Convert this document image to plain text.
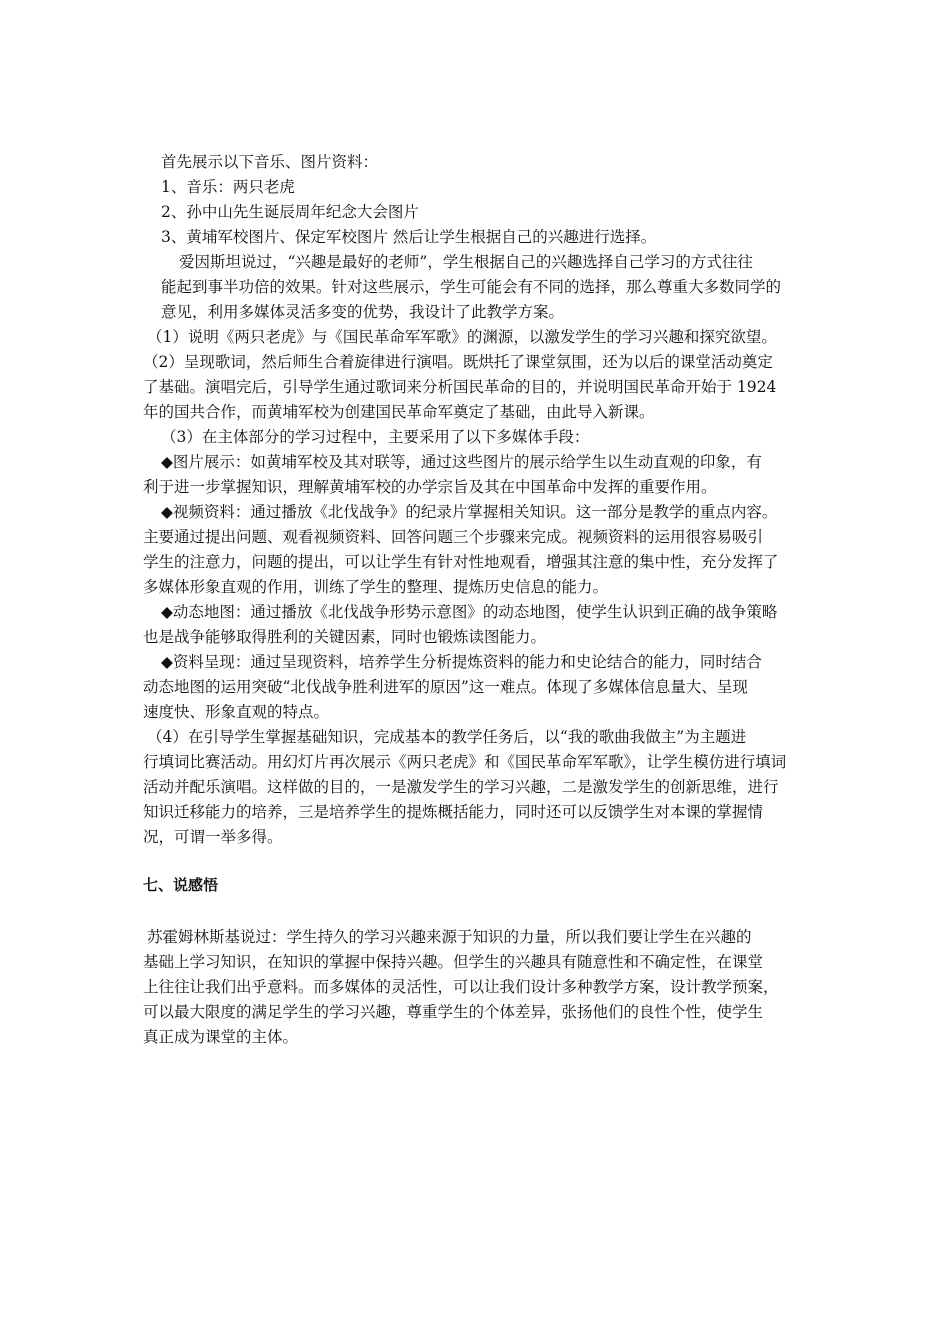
首先展示以下音乐、图片资料：
1、音乐：两只老虎
2、孙中山先生诞辰周年纪念大会图片
3、黄埔军校图片、保定军校图片 然后让学生根据自己的兴趣进行选择。
爱因斯坦说过，“兴趣是最好的老师”，学生根据自己的兴趣选择自己学习的方式往往
能起到事半功倍的效果。针对这些展示，学生可能会有不同的选择，那么尊重大多数同学的
意见，利用多媒体灵活多变的优势，我设计了此教学方案。
（1）说明《两只老虎》与《国民革命军军歌》的渊源，以激发学生的学习兴趣和探究欲望。
（2）呈现歌词，然后师生合着旋律进行演唱。既烘托了课堂氛围，还为以后的课堂活动奠定
了基础。演唱完后，引导学生通过歌词来分析国民革命的目的，并说明国民革命开始于 1924
年的国共合作，而黄埔军校为创建国民革命军奠定了基础，由此导入新课。
（3）在主体部分的学习过程中，主要采用了以下多媒体手段：
◆图片展示：如黄埔军校及其对联等，通过这些图片的展示给学生以生动直观的印象，有
利于进一步掌握知识，理解黄埔军校的办学宗旨及其在中国革命中发挥的重要作用。
◆视频资料：通过播放《北伐战争》的纪录片掌握相关知识。这一部分是教学的重点内容。
主要通过提出问题、观看视频资料、回答问题三个步骤来完成。视频资料的运用很容易吸引
学生的注意力，问题的提出，可以让学生有针对性地观看，增强其注意的集中性，充分发挥了
多媒体形象直观的作用，训练了学生的整理、提炼历史信息的能力。
◆动态地图：通过播放《北伐战争形势示意图》的动态地图，使学生认识到正确的战争策略
也是战争能够取得胜利的关键因素，同时也锻炼读图能力。
◆资料呈现：通过呈现资料，培养学生分析提炼资料的能力和史论结合的能力，同时结合
动态地图的运用突破“北伐战争胜利进军的原因”这一难点。体现了多媒体信息量大、呈现
速度快、形象直观的特点。
（4）在引导学生掌握基础知识，完成基本的教学任务后，以“我的歌曲我做主”为主题进
行填词比赛活动。用幻灯片再次展示《两只老虎》和《国民革命军军歌》，让学生模仿进行填词
活动并配乐演唱。这样做的目的，一是激发学生的学习兴趣，二是激发学生的创新思维，进行
知识迁移能力的培养，三是培养学生的提炼概括能力，同时还可以反馈学生对本课的掌握情
况，可谓一举多得。
七、说感悟
苏霍姆林斯基说过：学生持久的学习兴趣来源于知识的力量，所以我们要让学生在兴趣的
基础上学习知识，在知识的掌握中保持兴趣。但学生的兴趣具有随意性和不确定性，在课堂
上往往让我们出乎意料。而多媒体的灵活性，可以让我们设计多种教学方案，设计教学预案，
可以最大限度的满足学生的学习兴趣，尊重学生的个体差异，张扬他们的良性个性，使学生
真正成为课堂的主体。
